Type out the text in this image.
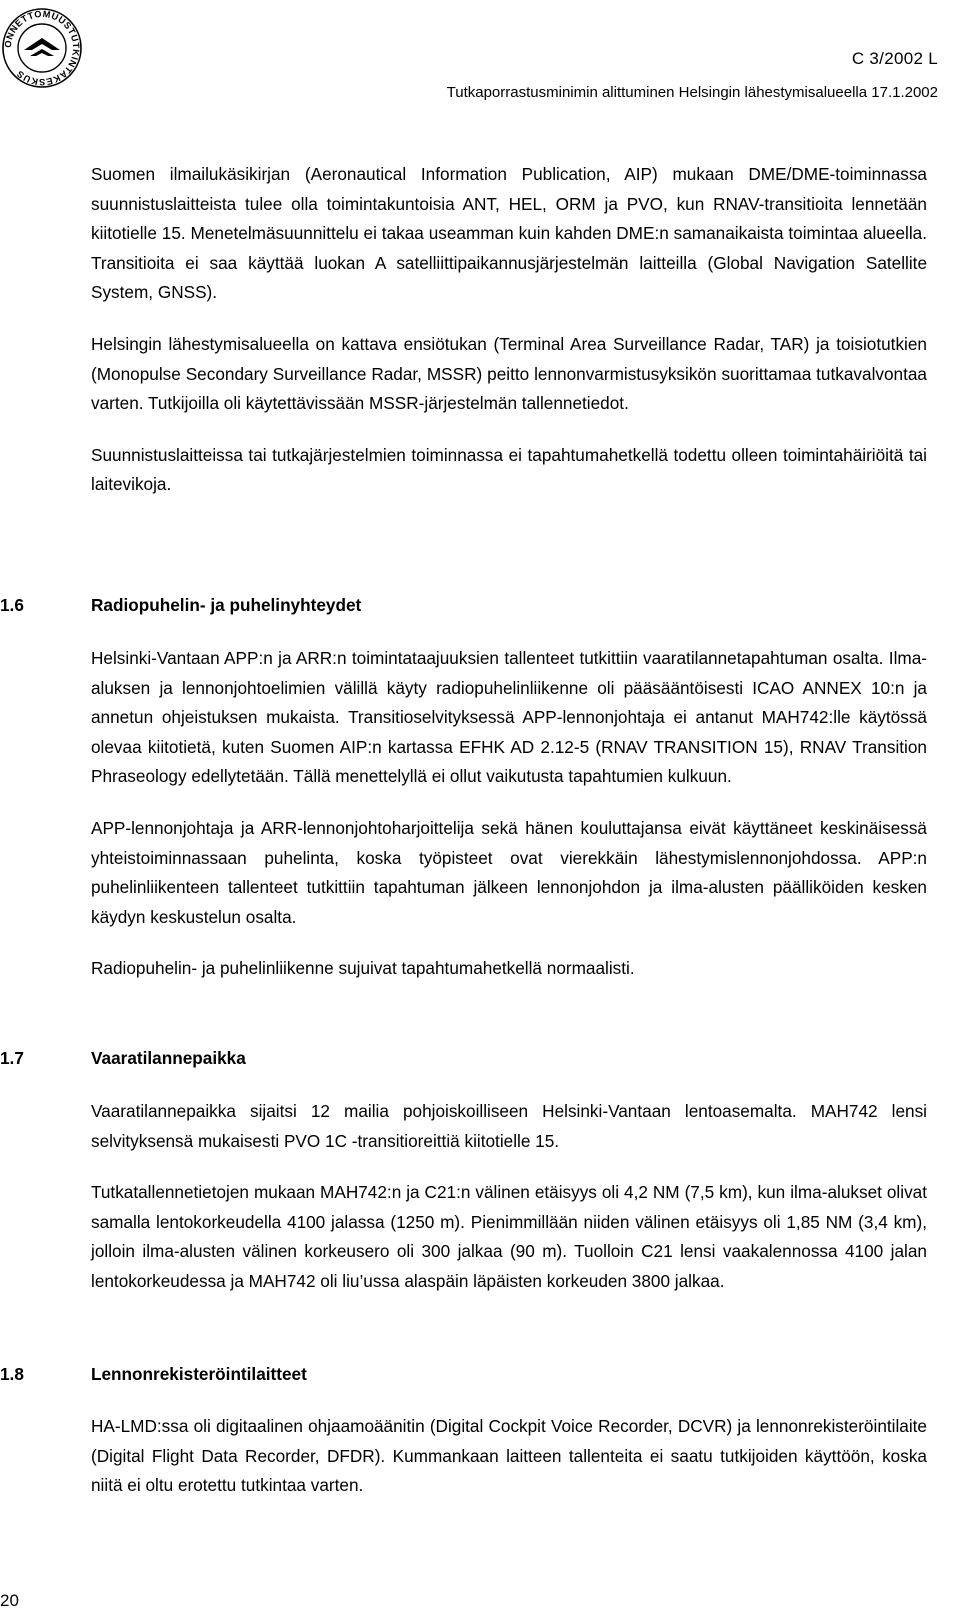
ONNETTOMUUSTUTKINTAKESKUS
C 3/2002 L
Tutkaporrastusminimin alittuminen Helsingin lähestymisalueella 17.1.2002

Suomen ilmailukäsikirjan (Aeronautical Information Publication, AIP) mukaan DME/DME-toiminnassa suunnistuslaitteista tulee olla toimintakuntoisia ANT, HEL, ORM ja PVO, kun RNAV-transitioita lennetään kiitotielle 15. Menetelmäsuunnittelu ei takaa useamman kuin kahden DME:n samanaikaista toimintaa alueella. Transitioita ei saa käyttää luokan A satelliittipaikannusjärjestelmän laitteilla (Global Navigation Satellite System, GNSS).

Helsingin lähestymisalueella on kattava ensiötukan (Terminal Area Surveillance Radar, TAR) ja toisiotutkien (Monopulse Secondary Surveillance Radar, MSSR) peitto lennonvarmistusyksikön suorittamaa tutkavalvontaa varten. Tutkijoilla oli käytettävissään MSSR-järjestelmän tallennetiedot.

Suunnistuslaitteissa tai tutkajärjestelmien toiminnassa ei tapahtumahetkellä todettu olleen toimintahäiriöitä tai laitevikoja.

1.6	Radiopuhelin- ja puhelinyhteydet

Helsinki-Vantaan APP:n ja ARR:n toimintataajuuksien tallenteet tutkittiin vaaratilannetapahtuman osalta. Ilma-aluksen ja lennonjohtoelimien välillä käyty radiopuhelinliikenne oli pääsääntöisesti ICAO ANNEX 10:n ja annetun ohjeistuksen mukaista. Transitioselvityksessä APP-lennonjohtaja ei antanut MAH742:lle käytössä olevaa kiitotietä, kuten Suomen AIP:n kartassa EFHK AD 2.12-5 (RNAV TRANSITION 15), RNAV Transition Phraseology edellytetään. Tällä menettelyllä ei ollut vaikutusta tapahtumien kulkuun.

APP-lennonjohtaja ja ARR-lennonjohtoharjoittelija sekä hänen kouluttajansa eivät käyttäneet keskinäisessä yhteistoiminnassaan puhelinta, koska työpisteet ovat vierekkäin lähestymislennonjohdossa. APP:n puhelinliikenteen tallenteet tutkittiin tapahtuman jälkeen lennonjohdon ja ilma-alusten päälliköiden kesken käydyn keskustelun osalta.

Radiopuhelin- ja puhelinliikenne sujuivat tapahtumahetkellä normaalisti.

1.7	Vaaratilannepaikka

Vaaratilannepaikka sijaitsi 12 mailia pohjoiskoilliseen Helsinki-Vantaan lentoasemalta. MAH742 lensi selvityksensä mukaisesti PVO 1C -transitioreittiä kiitotielle 15.

Tutkatallennetietojen mukaan MAH742:n ja C21:n välinen etäisyys oli 4,2 NM (7,5 km), kun ilma-alukset olivat samalla lentokorkeudella 4100 jalassa (1250 m). Pienimmillään niiden välinen etäisyys oli 1,85 NM (3,4 km), jolloin ilma-alusten välinen korkeusero oli 300 jalkaa (90 m). Tuolloin C21 lensi vaakalennossa 4100 jalan lentokorkeudessa ja MAH742 oli liu’ussa alaspäin läpäisten korkeuden 3800 jalkaa.

1.8	Lennonrekisteröintilaitteet

HA-LMD:ssa oli digitaalinen ohjaamoäänitin (Digital Cockpit Voice Recorder, DCVR) ja lennonrekisteröintilaite (Digital Flight Data Recorder, DFDR). Kummankaan laitteen tallenteita ei saatu tutkijoiden käyttöön, koska niitä ei oltu erotettu tutkintaa varten.

20
